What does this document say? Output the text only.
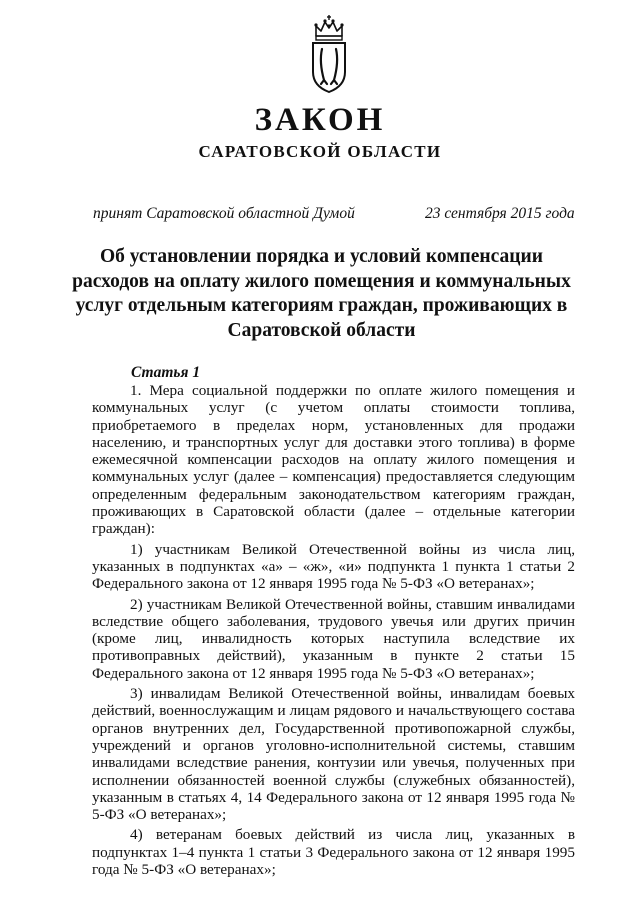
ЗАКОН
САРАТОВСКОЙ ОБЛАСТИ
принят Саратовской областной Думой	23 сентября 2015 года
Об установлении порядка и условий компенсации расходов на оплату жилого помещения и коммунальных услуг отдельным категориям граждан, проживающих в Саратовской области
Статья 1

1. Мера социальной поддержки по оплате жилого помещения и коммунальных услуг (с учетом оплаты стоимости топлива, приобретаемого в пределах норм, установленных для продажи населению, и транспортных услуг для доставки этого топлива) в форме ежемесячной компенсации расходов на оплату жилого помещения и коммунальных услуг (далее – компенсация) предоставляется следующим определенным федеральным законодательством категориям граждан, проживающих в Саратовской области (далее – отдельные категории граждан):

1) участникам Великой Отечественной войны из числа лиц, указанных в подпунктах «а» – «ж», «и» подпункта 1 пункта 1 статьи 2 Федерального закона от 12 января 1995 года № 5-ФЗ «О ветеранах»;

2) участникам Великой Отечественной войны, ставшим инвалидами вследствие общего заболевания, трудового увечья или других причин (кроме лиц, инвалидность которых наступила вследствие их противоправных действий), указанным в пункте 2 статьи 15 Федерального закона от 12 января 1995 года № 5-ФЗ «О ветеранах»;

3) инвалидам Великой Отечественной войны, инвалидам боевых действий, военнослужащим и лицам рядового и начальствующего состава органов внутренних дел, Государственной противопожарной службы, учреждений и органов уголовно-исполнительной системы, ставшим инвалидами вследствие ранения, контузии или увечья, полученных при исполнении обязанностей военной службы (служебных обязанностей), указанным в статьях 4, 14 Федерального закона от 12 января 1995 года № 5-ФЗ «О ветеранах»;

4) ветеранам боевых действий из числа лиц, указанных в подпунктах 1–4 пункта 1 статьи 3 Федерального закона от 12 января 1995 года № 5-ФЗ «О ветеранах»;
